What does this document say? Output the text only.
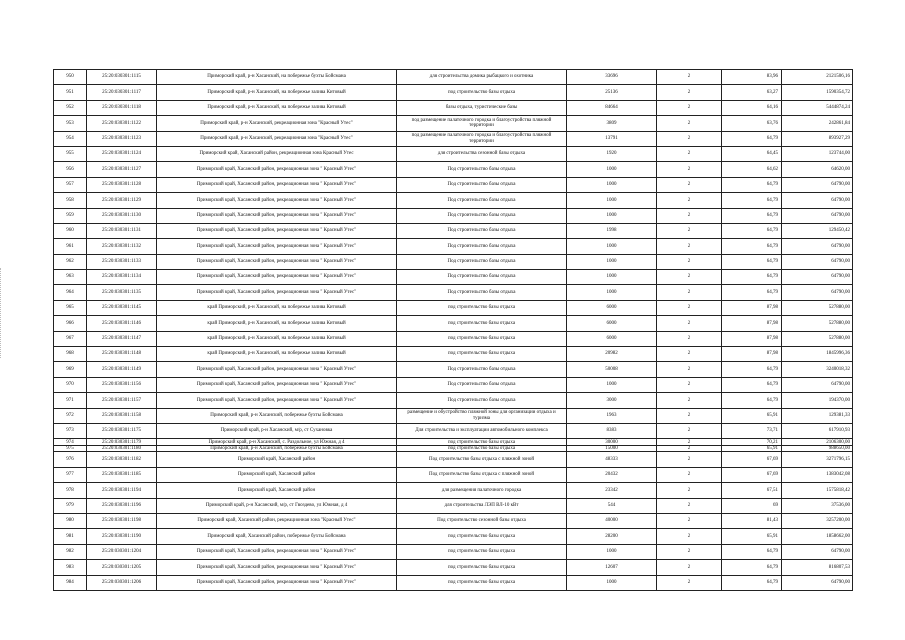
950	25:20:030301:1115	Приморский край, р-н Хасанский, на побережье бухты Бойсмана	для строительства домика рыбацкого и охотника	33696	2	83,96	2121506,16
951	25:20:030301:1117	Приморский край, р-н Хасанский, на побережье залива Китовый	под строительство базы отдыха	25136	2	63,27	1590354,72
952	25:20:030301:1118	Приморский край, р-н Хасанский, на побережье залива Китовый	базы отдыха, туристические базы	84664	2	64,16	5444874,24
953	25:20:030301:1122	Приморский край, р-н Хасанский, рекреационная зона "Красный Утес"	под размещение палаточного городка и благоустройства пляжной территории	3809	2	63,76	242861,84
954	25:20:030301:1123	Приморский край, р-н Хасанский, рекреационная зона "Красный Утес"	под размещение палаточного городка и благоустройства пляжной территории	13791	2	64,79	893927,29
955	25:20:030301:1124	Приморский край, Хасанский район, рекреационная зона Красный Утес	для строительства сезонной базы отдыха	1920	2	64,45	123744,00
956	25:20:030301:1127	Приморский край, Хасанский район, рекреационная зона " Красный Утес"	Под строительство базы отдыха	1000	2	64,62	64620,00
957	25:20:030301:1128	Приморский край, Хасанский район, рекреационная зона " Красный Утес"	Под строительство базы отдыха	1000	2	64,79	64790,00
958	25:20:030301:1129	Приморский край, Хасанский район, рекреационная зона " Красный Утес"	Под строительство базы отдыха	1000	2	64,79	64790,00
959	25:20:030301:1130	Приморский край, Хасанский район, рекреационная зона " Красный Утес"	Под строительство базы отдыха	1000	2	64,79	64790,00
960	25:20:030301:1131	Приморский край, Хасанский район, рекреационная зона " Красный Утес"	Под строительство базы отдыха	1998	2	64,79	129450,42
961	25:20:030301:1132	Приморский край, Хасанский район, рекреационная зона " Красный Утес"	Под строительство базы отдыха	1000	2	64,79	64790,00
962	25:20:030301:1133	Приморский край, Хасанский район, рекреационная зона " Красный Утес"	Под строительство базы отдыха	1000	2	64,79	64790,00
963	25:20:030301:1134	Приморский край, Хасанский район, рекреационная зона " Красный Утес"	Под строительство базы отдыха	1000	2	64,79	64790,00
964	25:20:030301:1135	Приморский край, Хасанский район, рекреационная зона " Красный Утес"	Под строительство базы отдыха	1000	2	64,79	64790,00
965	25:20:030301:1145	край Приморский, р-н Хасанский, на побережье залива Китовый	под строительство базы отдыха	6000	2	87,98	527880,00
966	25:20:030301:1146	край Приморский, р-н Хасанский, на побережье залива Китовый	под строительство базы отдыха	6000	2	87,98	527880,00
967	25:20:030301:1147	край Приморский, р-н Хасанский, на побережье залива Китовый	под строительство базы отдыха	6000	2	87,98	527880,00
968	25:20:030301:1148	край Приморский, р-н Хасанский, на побережье залива Китовый	под строительство базы отдыха	20982	2	87,98	1845996,36
969	25:20:030301:1149	Приморский край, Хасанский район, рекреационная зона " Красный Утес"	Под строительство базы отдыха	50008	2	64,79	3240018,32
970	25:20:030301:1156	Приморский край, Хасанский район, рекреационная зона " Красный Утес"	Под строительство базы отдыха	1000	2	64,79	64790,00
971	25:20:030301:1157	Приморский край, Хасанский район, рекреационная зона " Красный Утес"	Под строительство базы отдыха	3000	2	64,79	194370,00
972	25:20:030301:1158	Приморский край, р-н Хасанский, побережье бухты Бойсмана	размещение и обустройство пляжной зоны для организации отдыха и туризма	1963	2	65,91	129381,33
973	25:20:030301:1175	Приморский край, р-н Хасанский, м/р, ст Сухановка	Для строительства и эксплуатации автомобильного комплекса	8383	2	73,71	617910,93
974	25:20:030301:1179	Приморский край, р-н Хасанский, с. Раздольное, ул Южная, д 4	под строительство базы отдыха	30000	2	70,21	2106300,00
975	25:20:030301:1180	Приморский край, р-н Хасанский, побережье бухты Бойсмана	под строительство базы отдыха	15000	2	65,91	988650,00
976	25:20:030301:1182	Приморский край, Хасанский район	Под строительство базы отдыха с пляжной зоной	48333	2	67,69	3271796,15
977	25:20:030301:1185	Приморский край, Хасанский район	Под строительство базы отдыха с пляжной зоной	20432	2	67,69	1383042,08
978	25:20:030301:1194	Приморский край, Хасанский район	для размещения палаточного городка	23342	2	67,51	1575818,42
979	25:20:030301:1196	Приморский край, р-н Хасанский, м/р, ст Гвоздево, ул Южная, д 4	для строительства ЛЭП ВЛ-10 кВт	544	2	69	37536,00
980	25:20:030301:1198	Приморский край, Хасанский район, рекреационная зона "Красный Утес"	Под строительство сезонной базы отдыха	40000	2	81,43	3257200,00
981	25:20:030301:1190	Приморский край, Хасанский район, побережье бухты Бойсмана	под строительство базы отдыха	28200	2	65,91	1858662,00
982	25:20:030301:1204	Приморский край, Хасанский район, рекреационная зона " Красный Утес"	под строительство базы отдыха	1000	2	64,79	64790,00
983	25:20:030301:1205	Приморский край, Хасанский район, рекреационная зона " Красный Утес"	под строительство базы отдыха	12607	2	64,79	816807,53
984	25:20:030301:1206	Приморский край, Хасанский район, рекреационная зона " Красный Утес"	под строительство базы отдыха	1000	2	64,79	64790,00
